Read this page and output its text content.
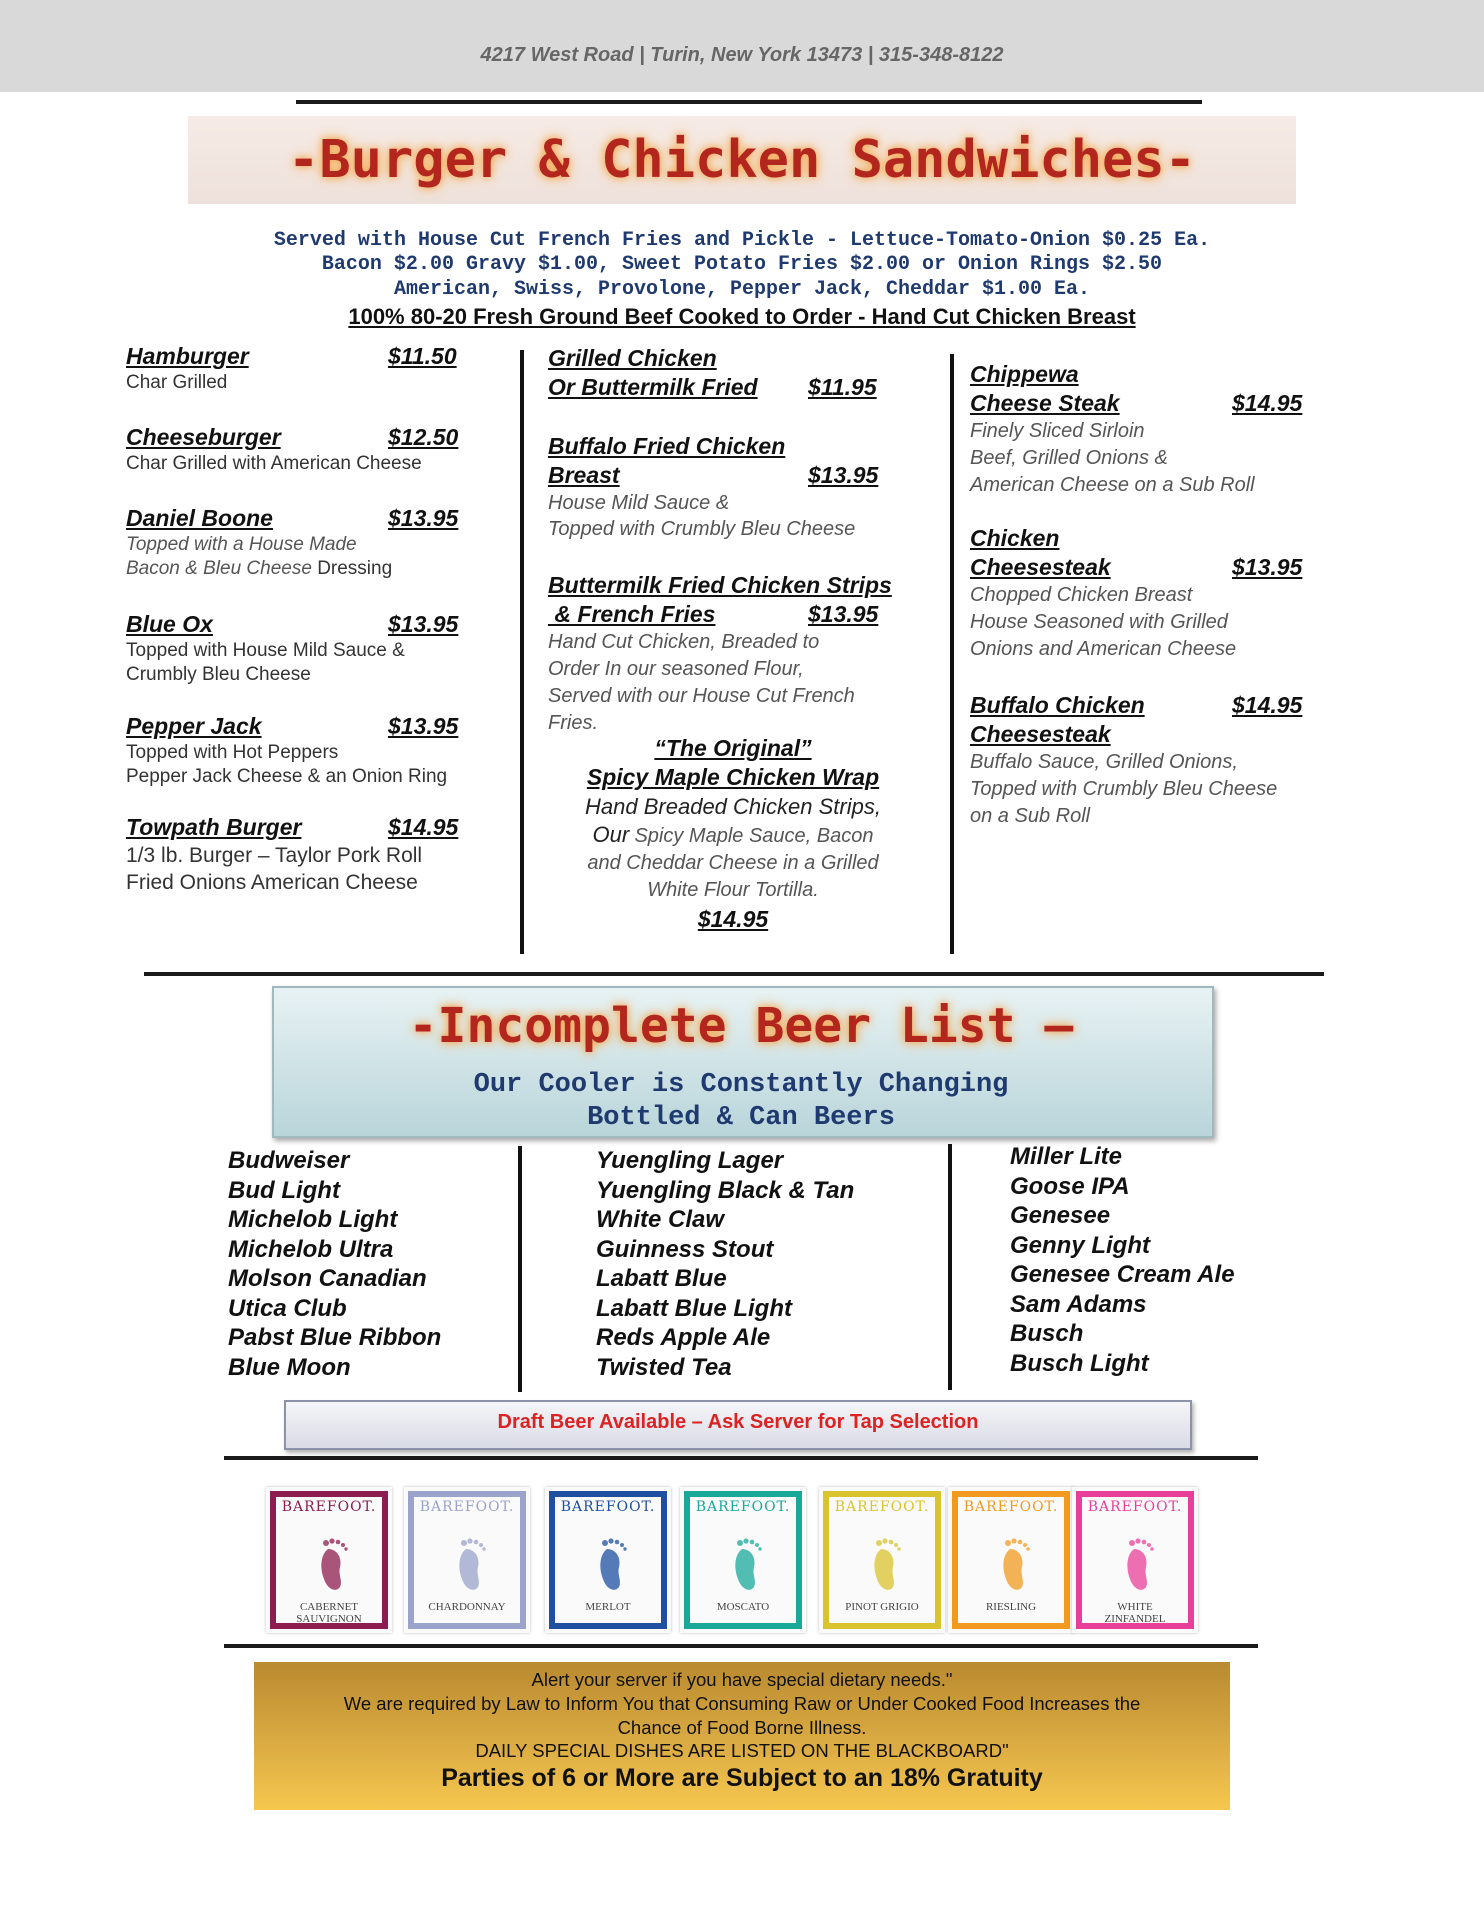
4217 West Road | Turin, New York 13473 | 315-348-8122
-Burger & Chicken Sandwiches-
Served with House Cut French Fries and Pickle - Lettuce-Tomato-Onion $0.25 Ea.
Bacon $2.00 Gravy $1.00, Sweet Potato Fries $2.00 or Onion Rings $2.50
American, Swiss, Provolone, Pepper Jack, Cheddar $1.00 Ea.
100% 80-20 Fresh Ground Beef Cooked to Order - Hand Cut Chicken Breast
Hamburger	$11.50
Char Grilled
Cheeseburger	$12.50
Char Grilled with American Cheese
Daniel Boone	$13.95
Topped with a House Made
Bacon & Bleu Cheese Dressing
Blue Ox	$13.95
Topped with House Mild Sauce &
Crumbly Bleu Cheese
Pepper Jack	$13.95
Topped with Hot Peppers
Pepper Jack Cheese & an Onion Ring
Towpath Burger	$14.95
1/3 lb. Burger – Taylor Pork Roll
Fried Onions American Cheese
Grilled Chicken
Or Buttermilk Fried	$11.95
Buffalo Fried Chicken
Breast	$13.95
House Mild Sauce &
Topped with Crumbly Bleu Cheese
Buttermilk Fried Chicken Strips
& French Fries	$13.95
Hand Cut Chicken, Breaded to
Order In our seasoned Flour,
Served with our House Cut French
Fries.
“The Original”
Spicy Maple Chicken Wrap
Hand Breaded Chicken Strips,
Our Spicy Maple Sauce, Bacon
and Cheddar Cheese in a Grilled
White Flour Tortilla.
$14.95
Chippewa
Cheese Steak	$14.95
Finely Sliced Sirloin
Beef, Grilled Onions &
American Cheese on a Sub Roll
Chicken
Cheesesteak	$13.95
Chopped Chicken Breast
House Seasoned with Grilled
Onions and American Cheese
Buffalo Chicken	$14.95
Cheesesteak
Buffalo Sauce, Grilled Onions,
Topped with Crumbly Bleu Cheese
on a Sub Roll
-Incomplete Beer List –
Our Cooler is Constantly Changing
Bottled & Can Beers
Budweiser
Bud Light
Michelob Light
Michelob Ultra
Molson Canadian
Utica Club
Pabst Blue Ribbon
Blue Moon
Yuengling Lager
Yuengling Black & Tan
White Claw
Guinness Stout
Labatt Blue
Labatt Blue Light
Reds Apple Ale
Twisted Tea
Miller Lite
Goose IPA
Genesee
Genny Light
Genesee Cream Ale
Sam Adams
Busch
Busch Light
Draft Beer Available – Ask Server for Tap Selection
BAREFOOT.
CABERNET SAUVIGNON
BAREFOOT.
CHARDONNAY
BAREFOOT.
MERLOT
BAREFOOT.
MOSCATO
BAREFOOT.
PINOT GRIGIO
BAREFOOT.
RIESLING
BAREFOOT.
WHITE ZINFANDEL
Alert your server if you have special dietary needs."
We are required by Law to Inform You that Consuming Raw or Under Cooked Food Increases the
Chance of Food Borne Illness.
DAILY SPECIAL DISHES ARE LISTED ON THE BLACKBOARD"
Parties of 6 or More are Subject to an 18% Gratuity
